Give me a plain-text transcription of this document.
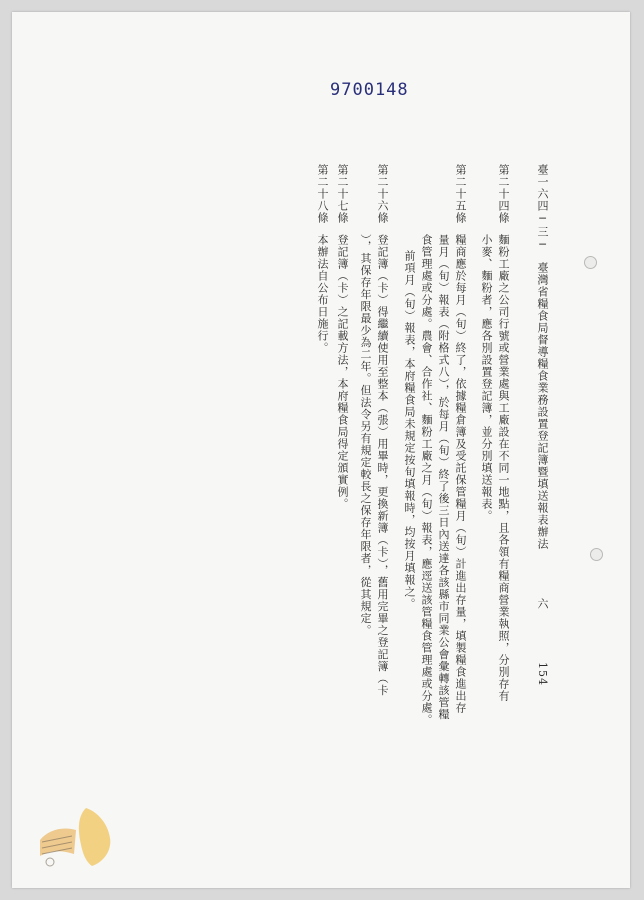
9700148
臺一六四─三─
臺灣省糧食局督導糧食業務設置登記簿暨填送報表辦法
六
154
第二十四條
麵粉工廠之公司行號或營業處與工廠設在不同一地點，且各領有糧商營業執照，分別存有
小麥、麵粉者，應各別設置登記簿，並分別填送報表。
第二十五條
糧商應於每月（旬）終了，依據糧倉簿及受託保管糧月（旬）計進出存量，填製糧食進出存
量月（旬）報表（附格式八），於每月（旬）終了後三日內送達各該縣市同業公會彙轉該管糧
食管理處或分處。農會、合作社、麵粉工廠之月（旬）報表，應逕送該管糧食管理處或分處。
前項月（旬）報表，本府糧食局未規定按旬填報時，均按月填報之。
第二十六條
登記簿（卡）得繼續使用至整本（張）用畢時，更換新簿（卡），舊用完畢之登記簿（卡
），其保存年限最少為二年。但法令另有規定較長之保存年限者，從其規定。
第二十七條
登記簿（卡）之記載方法，本府糧食局得定頒實例。
第二十八條
本辦法自公布日施行。
